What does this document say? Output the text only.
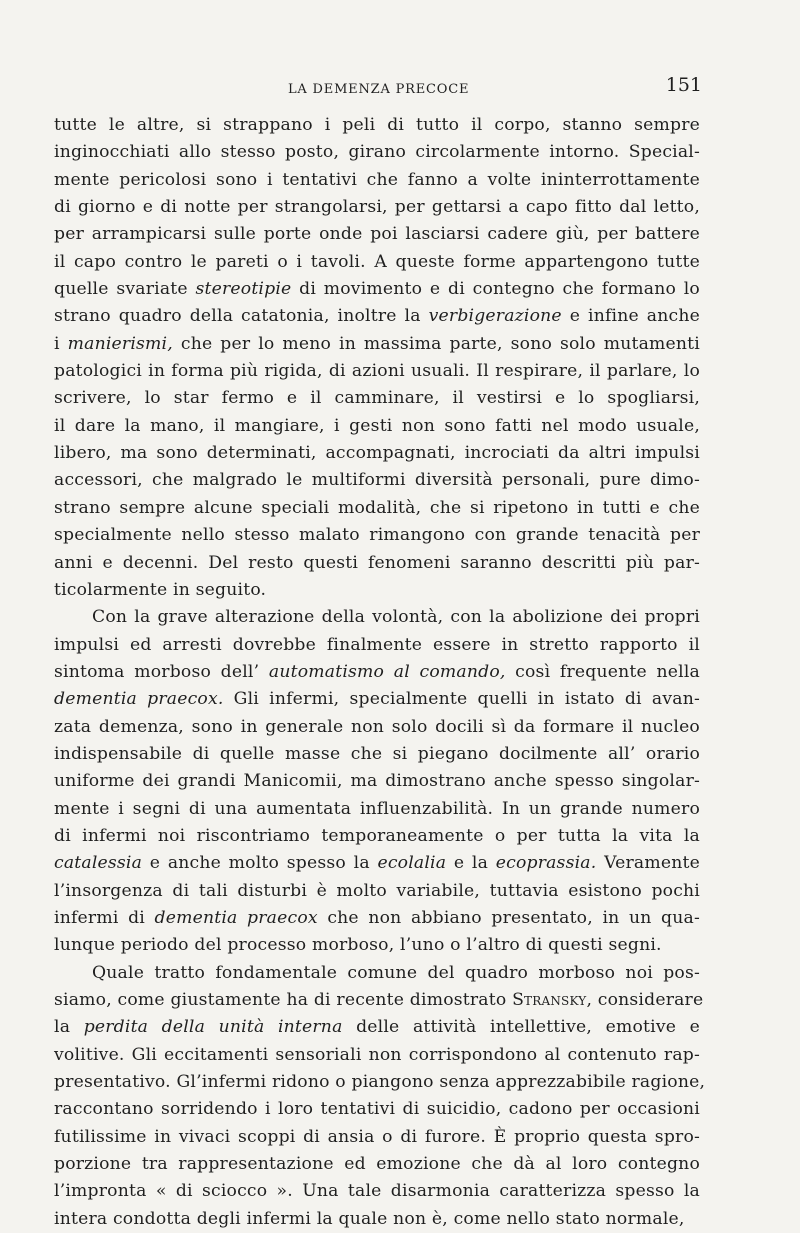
LA DEMENZA PRECOCE	151
tutte le altre, si strappano i peli di tutto il corpo, stanno sempre
inginocchiati allo stesso posto, girano circolarmente intorno. Special-
mente pericolosi sono i tentativi che fanno a volte ininterrottamente
di giorno e di notte per strangolarsi, per gettarsi a capo fitto dal letto,
per arrampicarsi sulle porte onde poi lasciarsi cadere giù, per battere
il capo contro le pareti o i tavoli. A queste forme appartengono tutte
quelle svariate stereotipie di movimento e di contegno che formano lo
strano quadro della catatonia, inoltre la verbigerazione e infine anche
i manierismi, che per lo meno in massima parte, sono solo mutamenti
patologici in forma più rigida, di azioni usuali. Il respirare, il parlare, lo
scrivere, lo star fermo e il camminare, il vestirsi e lo spogliarsi,
il dare la mano, il mangiare, i gesti non sono fatti nel modo usuale,
libero, ma sono determinati, accompagnati, incrociati da altri impulsi
accessori, che malgrado le multiformi diversità personali, pure dimo-
strano sempre alcune speciali modalità, che si ripetono in tutti e che
specialmente nello stesso malato rimangono con grande tenacità per
anni e decenni. Del resto questi fenomeni saranno descritti più par-
ticolarmente in seguito.
Con la grave alterazione della volontà, con la abolizione dei propri
impulsi ed arresti dovrebbe finalmente essere in stretto rapporto il
sintoma morboso dell’ automatismo al comando, così frequente nella
dementia praecox. Gli infermi, specialmente quelli in istato di avan-
zata demenza, sono in generale non solo docili sì da formare il nucleo
indispensabile di quelle masse che si piegano docilmente all’ orario
uniforme dei grandi Manicomii, ma dimostrano anche spesso singolar-
mente i segni di una aumentata influenzabilità. In un grande numero
di infermi noi riscontriamo temporaneamente o per tutta la vita la
catalessia e anche molto spesso la ecolalia e la ecoprassia. Veramente
l’insorgenza di tali disturbi è molto variabile, tuttavia esistono pochi
infermi di dementia praecox che non abbiano presentato, in un qua-
lunque periodo del processo morboso, l’uno o l’altro di questi segni.
Quale tratto fondamentale comune del quadro morboso noi pos-
siamo, come giustamente ha di recente dimostrato Stransky, considerare
la perdita della unità interna delle attività intellettive, emotive e
volitive. Gli eccitamenti sensoriali non corrispondono al contenuto rap-
presentativo. Gl’infermi ridono o piangono senza apprezzabibile ragione,
raccontano sorridendo i loro tentativi di suicidio, cadono per occasioni
futilissime in vivaci scoppi di ansia o di furore. È proprio questa spro-
porzione tra rappresentazione ed emozione che dà al loro contegno
l’impronta « di sciocco ». Una tale disarmonia caratterizza spesso la
intera condotta degli infermi la quale non è, come nello stato normale,
